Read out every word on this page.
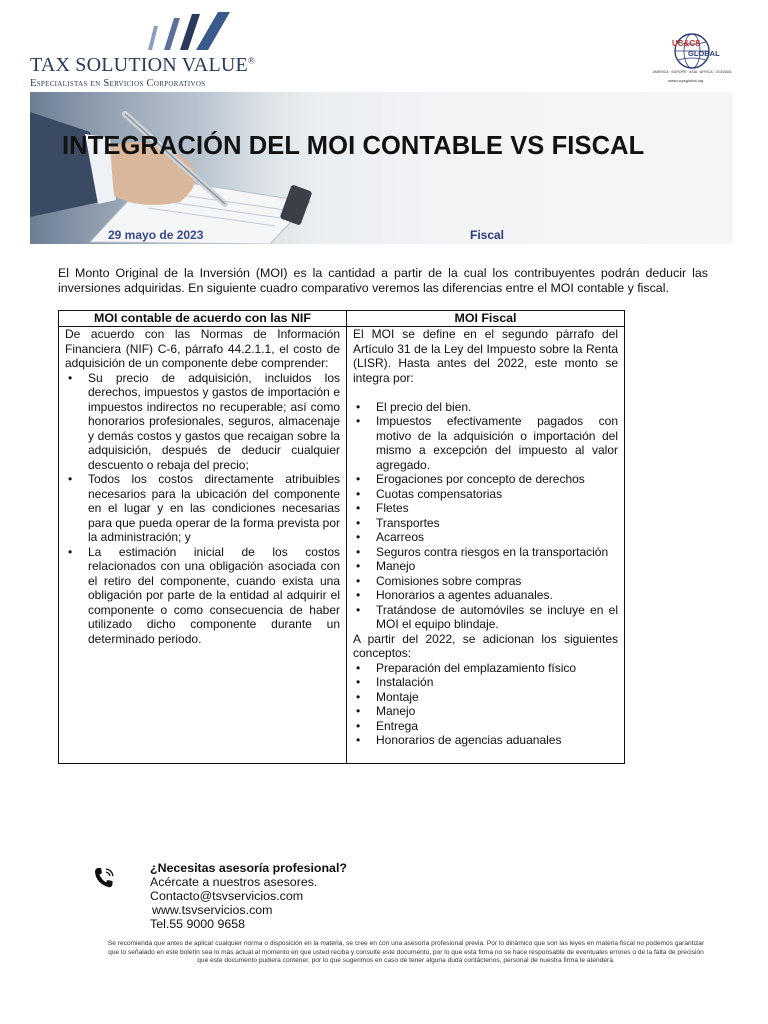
TAX SOLUTION VALUE®
Especialistas en Servicios Corporativos
UC&CS
GLOBAL
AMERICA · EUROPE · ASIA · AFRICA · OCEANIA
www.uccsglobal.org
INTEGRACIÓN DEL MOI CONTABLE VS FISCAL
29 mayo de 2023	Fiscal

El Monto Original de la Inversión (MOI) es la cantidad a partir de la cual los contribuyentes podrán deducir las inversiones adquiridas. En siguiente cuadro comparativo veremos las diferencias entre el MOI contable y fiscal.

MOI contable de acuerdo con las NIF

De acuerdo con las Normas de Información Financiera (NIF) C-6, párrafo 44.2.1.1, el costo de adquisición de un componente debe comprender:

• Su precio de adquisición, incluidos los derechos, impuestos y gastos de importación e impuestos indirectos no recuperable; así como honorarios profesionales, seguros, almacenaje y demás costos y gastos que recaigan sobre la adquisición, después de deducir cualquier descuento o rebaja del precio;
• Todos los costos directamente atribuibles necesarios para la ubicación del componente en el lugar y en las condiciones necesarias para que pueda operar de la forma prevista por la administración; y
• La estimación inicial de los costos relacionados con una obligación asociada con el retiro del componente, cuando exista una obligación por parte de la entidad al adquirir el componente o como consecuencia de haber utilizado dicho componente durante un determinado periodo.
MOI Fiscal

El MOI se define en el segundo párrafo del Artículo 31 de la Ley del Impuesto sobre la Renta (LISR). Hasta antes del 2022, este monto se integra por:

• El precio del bien.
• Impuestos efectivamente pagados con motivo de la adquisición o importación del mismo a excepción del impuesto al valor agregado.
• Erogaciones por concepto de derechos
• Cuotas compensatorias
• Fletes
• Transportes
• Acarreos
• Seguros contra riesgos en la transportación
• Manejo
• Comisiones sobre compras
• Honorarios a agentes aduanales.
• Tratándose de automóviles se incluye en el MOI el equipo blindaje.

A partir del 2022, se adicionan los siguientes conceptos:

• Preparación del emplazamiento físico
• Instalación
• Montaje
• Manejo
• Entrega
• Honorarios de agencias aduanales
¿Necesitas asesoría profesional?
Acércate a nuestros asesores.
Contacto@tsvservicios.com
www.tsvservicios.com
Tel.55 9000 9658

Se recomienda que antes de aplicar cualquier norma o disposición en la materia, se cree en con una asesoría profesional previa. Por lo dinámico que son las leyes en materia fiscal no podemos garantizar que lo señalado en este boletín sea lo más actual al momento en que usted reciba y consulte este documento, por lo que esta firma no se hace responsable de eventuales errores o de la falta de precisión que este documento pudiera contener, por lo que sugerimos en caso de tener alguna duda contáctenos, personal de nuestra firma le atenderá.
